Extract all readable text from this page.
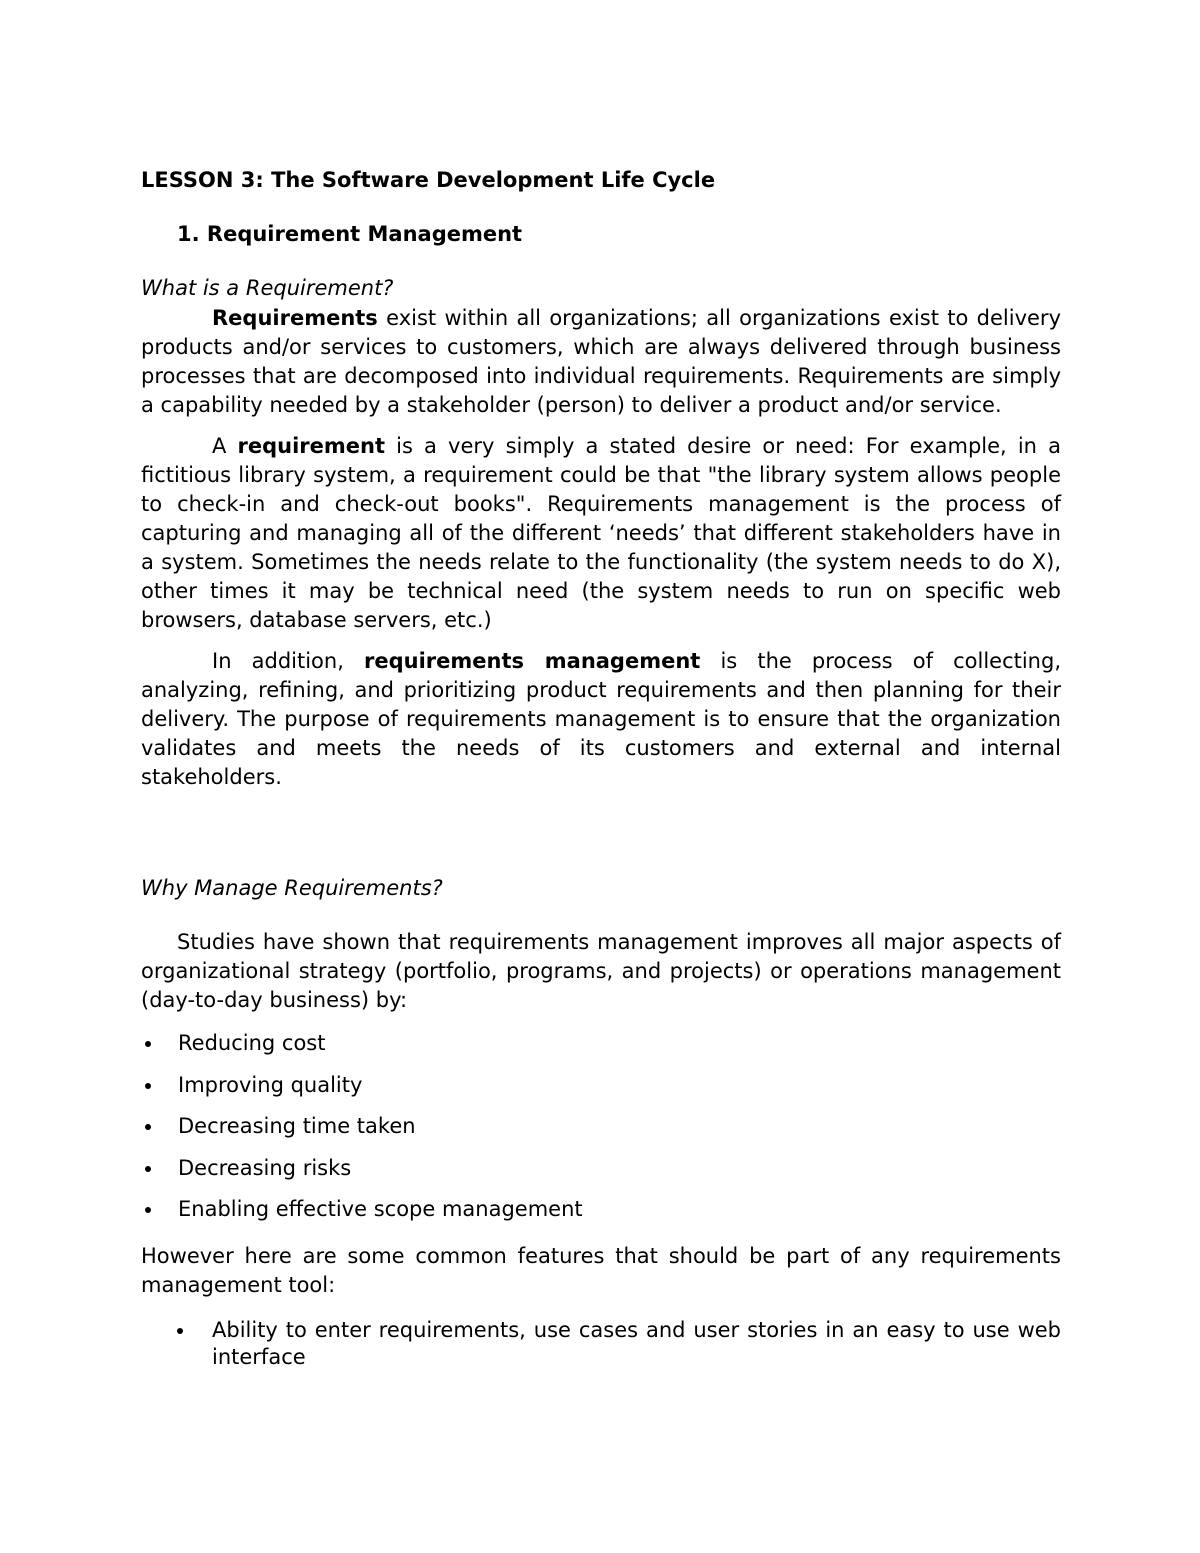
LESSON 3: The Software Development Life Cycle
1. Requirement Management
What is a Requirement?

Requirements exist within all organizations; all organizations exist to delivery products and/or services to customers, which are always delivered through business processes that are decomposed into individual requirements. Requirements are simply a capability needed by a stakeholder (person) to deliver a product and/or service.

A requirement is a very simply a stated desire or need: For example, in a fictitious library system, a requirement could be that "the library system allows people to check-in and check-out books". Requirements management is the process of capturing and managing all of the different ‘needs’ that different stakeholders have in a system. Sometimes the needs relate to the functionality (the system needs to do X), other times it may be technical need (the system needs to run on specific web browsers, database servers, etc.)

In addition, requirements management is the process of collecting, analyzing, refining, and prioritizing product requirements and then planning for their delivery. The purpose of requirements management is to ensure that the organization validates and meets the needs of its customers and external and internal stakeholders.

Why Manage Requirements?

Studies have shown that requirements management improves all major aspects of organizational strategy (portfolio, programs, and projects) or operations management (day-to-day business) by:

Reducing cost
Improving quality
Decreasing time taken
Decreasing risks
Enabling effective scope management

However here are some common features that should be part of any requirements management tool:

Ability to enter requirements, use cases and user stories in an easy to use web interface
